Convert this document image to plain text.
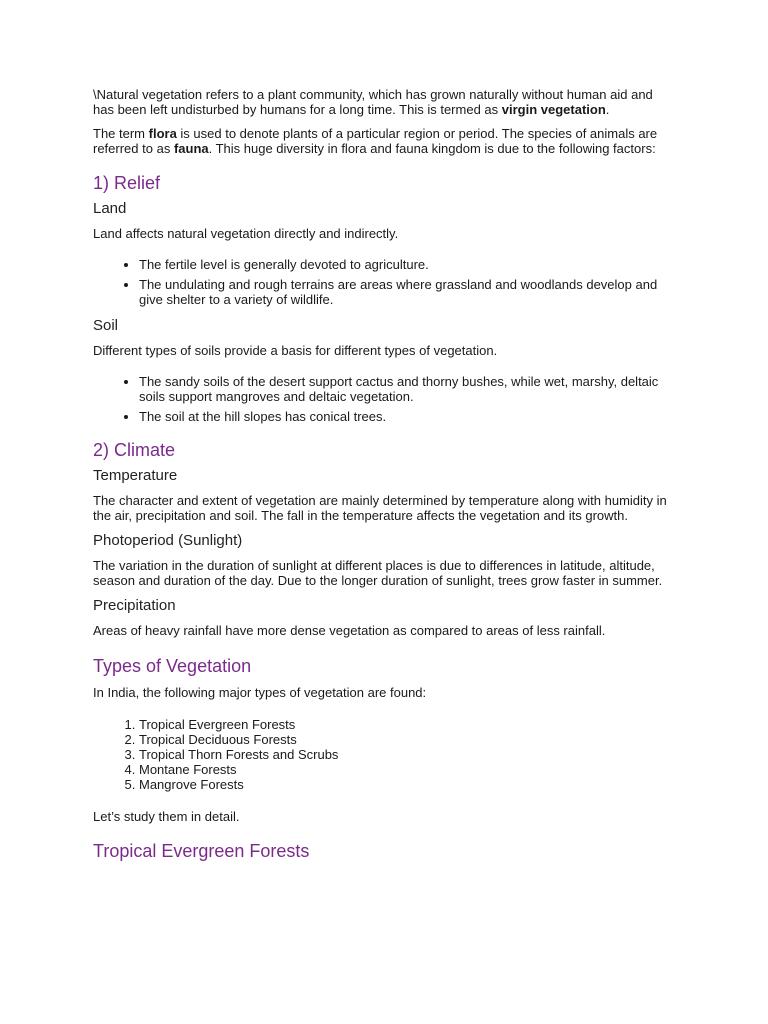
\Natural vegetation refers to a plant community, which has grown naturally without human aid and has been left undisturbed by humans for a long time. This is termed as virgin vegetation.

The term flora is used to denote plants of a particular region or period. The species of animals are referred to as fauna. This huge diversity in flora and fauna kingdom is due to the following factors:

1) Relief
Land

Land affects natural vegetation directly and indirectly.

• The fertile level is generally devoted to agriculture.
• The undulating and rough terrains are areas where grassland and woodlands develop and give shelter to a variety of wildlife.
Soil

Different types of soils provide a basis for different types of vegetation.

• The sandy soils of the desert support cactus and thorny bushes, while wet, marshy, deltaic soils support mangroves and deltaic vegetation.
• The soil at the hill slopes has conical trees.
2) Climate
Temperature

The character and extent of vegetation are mainly determined by temperature along with humidity in the air, precipitation and soil. The fall in the temperature affects the vegetation and its growth.

Photoperiod (Sunlight)

The variation in the duration of sunlight at different places is due to differences in latitude, altitude, season and duration of the day. Due to the longer duration of sunlight, trees grow faster in summer.

Precipitation

Areas of heavy rainfall have more dense vegetation as compared to areas of less rainfall.

Types of Vegetation

In India, the following major types of vegetation are found:

1. Tropical Evergreen Forests
2. Tropical Deciduous Forests
3. Tropical Thorn Forests and Scrubs
4. Montane Forests
5. Mangrove Forests

Let’s study them in detail.

Tropical Evergreen Forests
